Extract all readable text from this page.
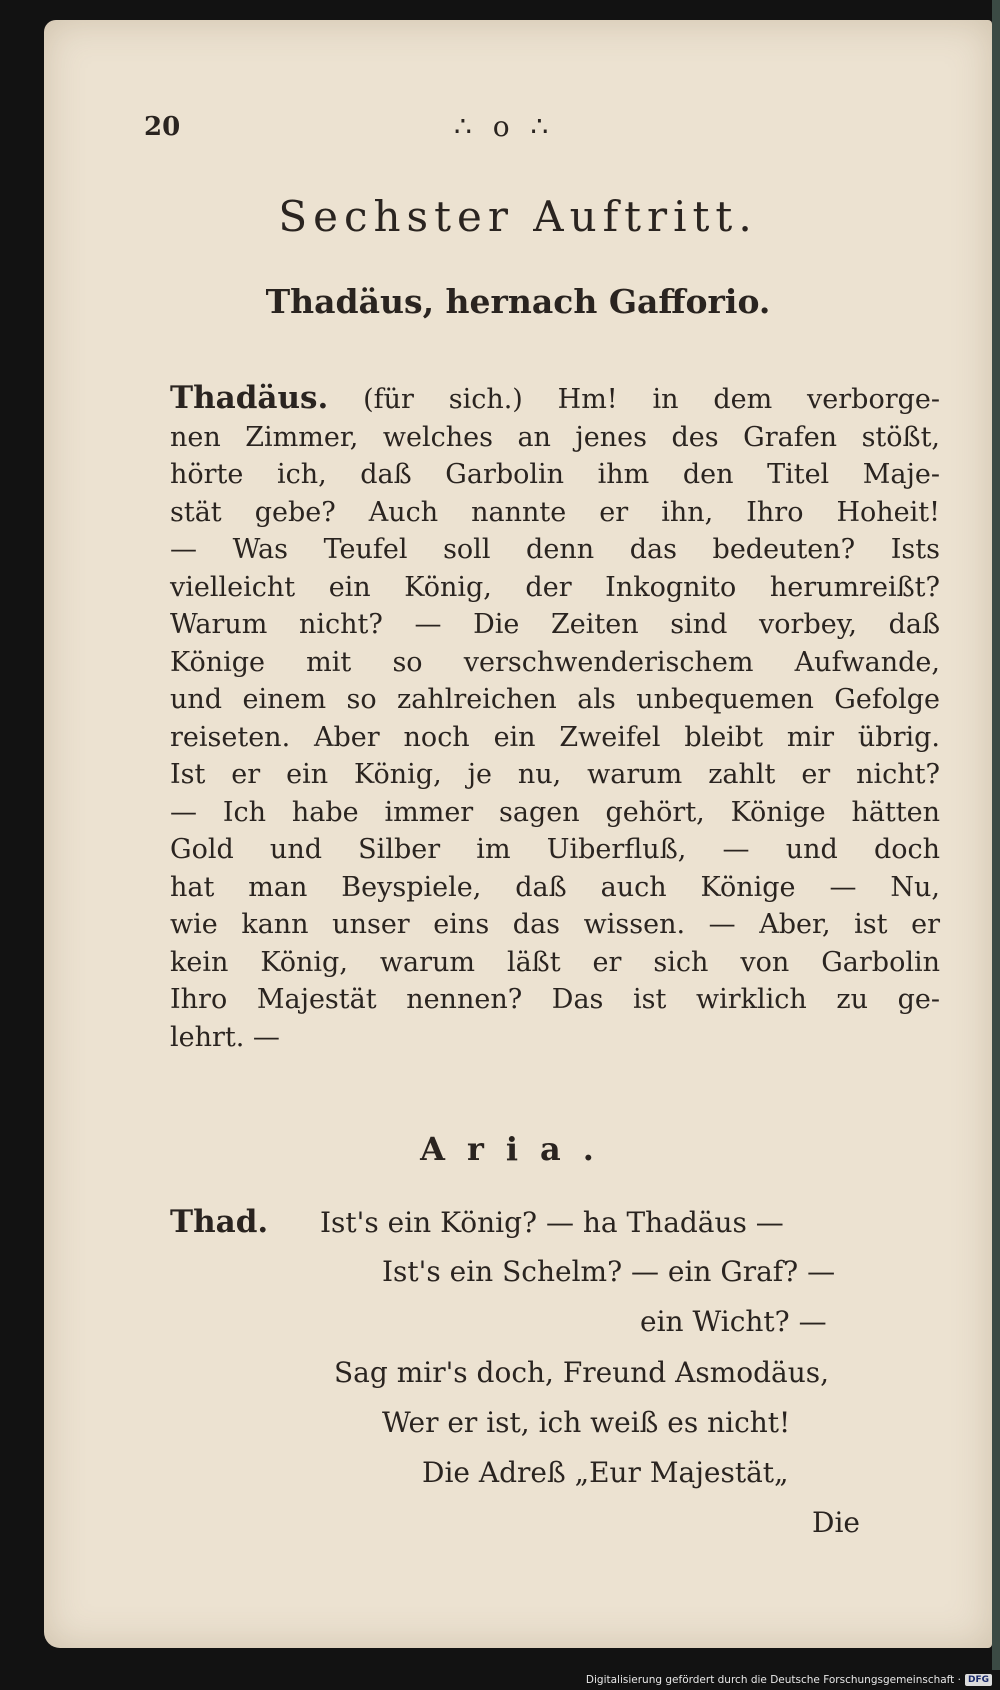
20	∴ o ∴
Sechster Auftritt.
Thadäus, hernach Gafforio.
Thadäus. (für sich.) Hm! in dem verborge-
nen Zimmer, welches an jenes des Grafen stößt,
hörte ich, daß Garbolin ihm den Titel Maje-
stät gebe? Auch nannte er ihn, Ihro Hoheit!
— Was Teufel soll denn das bedeuten? Ists
vielleicht ein König, der Inkognito herumreißt?
Warum nicht? — Die Zeiten sind vorbey, daß
Könige mit so verschwenderischem Aufwande,
und einem so zahlreichen als unbequemen Gefolge
reiseten. Aber noch ein Zweifel bleibt mir übrig.
Ist er ein König, je nu, warum zahlt er nicht?
— Ich habe immer sagen gehört, Könige hätten
Gold und Silber im Uiberfluß, — und doch
hat man Beyspiele, daß auch Könige — Nu,
wie kann unser eins das wissen. — Aber, ist er
kein König, warum läßt er sich von Garbolin
Ihro Majestät nennen? Das ist wirklich zu ge-
lehrt. —
Aria.
Thad. Ist's ein König? — ha Thadäus —
Ist's ein Schelm? — ein Graf? —
ein Wicht? —
Sag mir's doch, Freund Asmodäus,
Wer er ist, ich weiß es nicht!
Die Adreß „Eur Majestät„
Die
Digitalisierung gefördert durch die Deutsche Forschungsgemeinschaft · DFG
